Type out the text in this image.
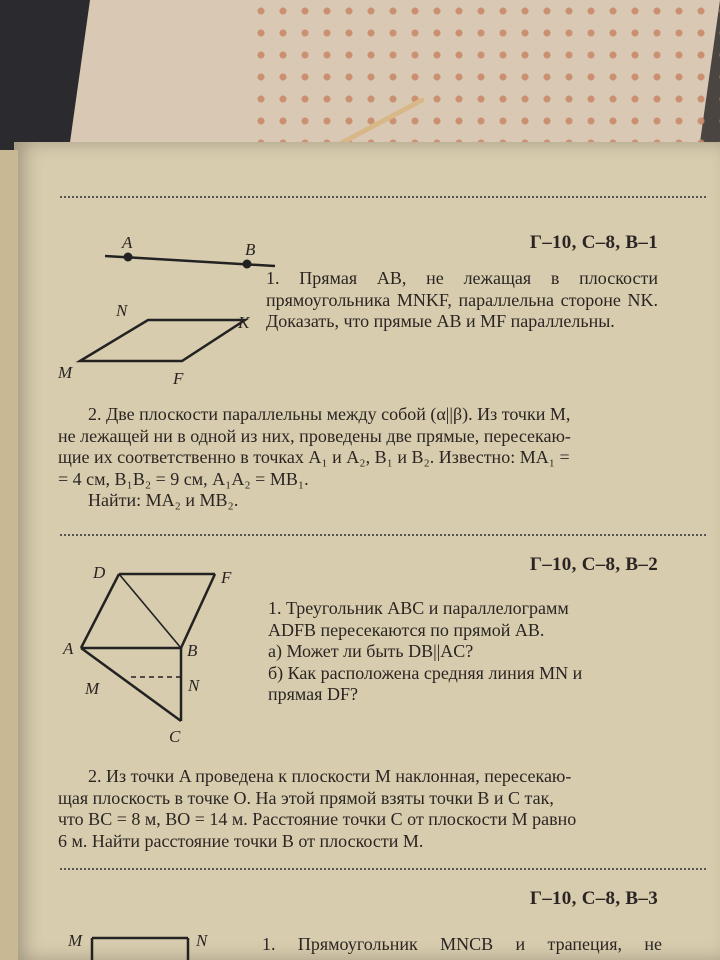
Г–10, С–8, В–1
A	B
N
K
M	F

1. Прямая AB, не лежащая в плоскости прямоугольника MNKF, параллельна стороне NK. Доказать, что прямые AB и MF параллельны.

2. Две плоскости параллельны между собой (α||β). Из точки M,

не лежащей ни в одной из них, проведены две прямые, пересекаю-

щие их соответственно в точках A₁ и A₂, B₁ и B₂. Известно: MA₁ =

= 4 см, B₁B₂ = 9 см, A₁A₂ = MB₁.

Найти: MA₂ и MB₂.

Г–10, С–8, В–2
D	F
A	B
M	N
C

1. Треугольник ABC и параллелограмм

ADFB пересекаются по прямой AB.

а) Может ли быть DB||AC?

б) Как расположена средняя линия MN и

прямая DF?

2. Из точки A проведена к плоскости M наклонная, пересекаю-

щая плоскость в точке O. На этой прямой взяты точки B и C так,

что BC = 8 м, BO = 14 м. Расстояние точки C от плоскости M равно

6 м. Найти расстояние точки B от плоскости M.

Г–10, С–8, В–3
M	N	1. Прямоугольник MNCB и трапеция, не
